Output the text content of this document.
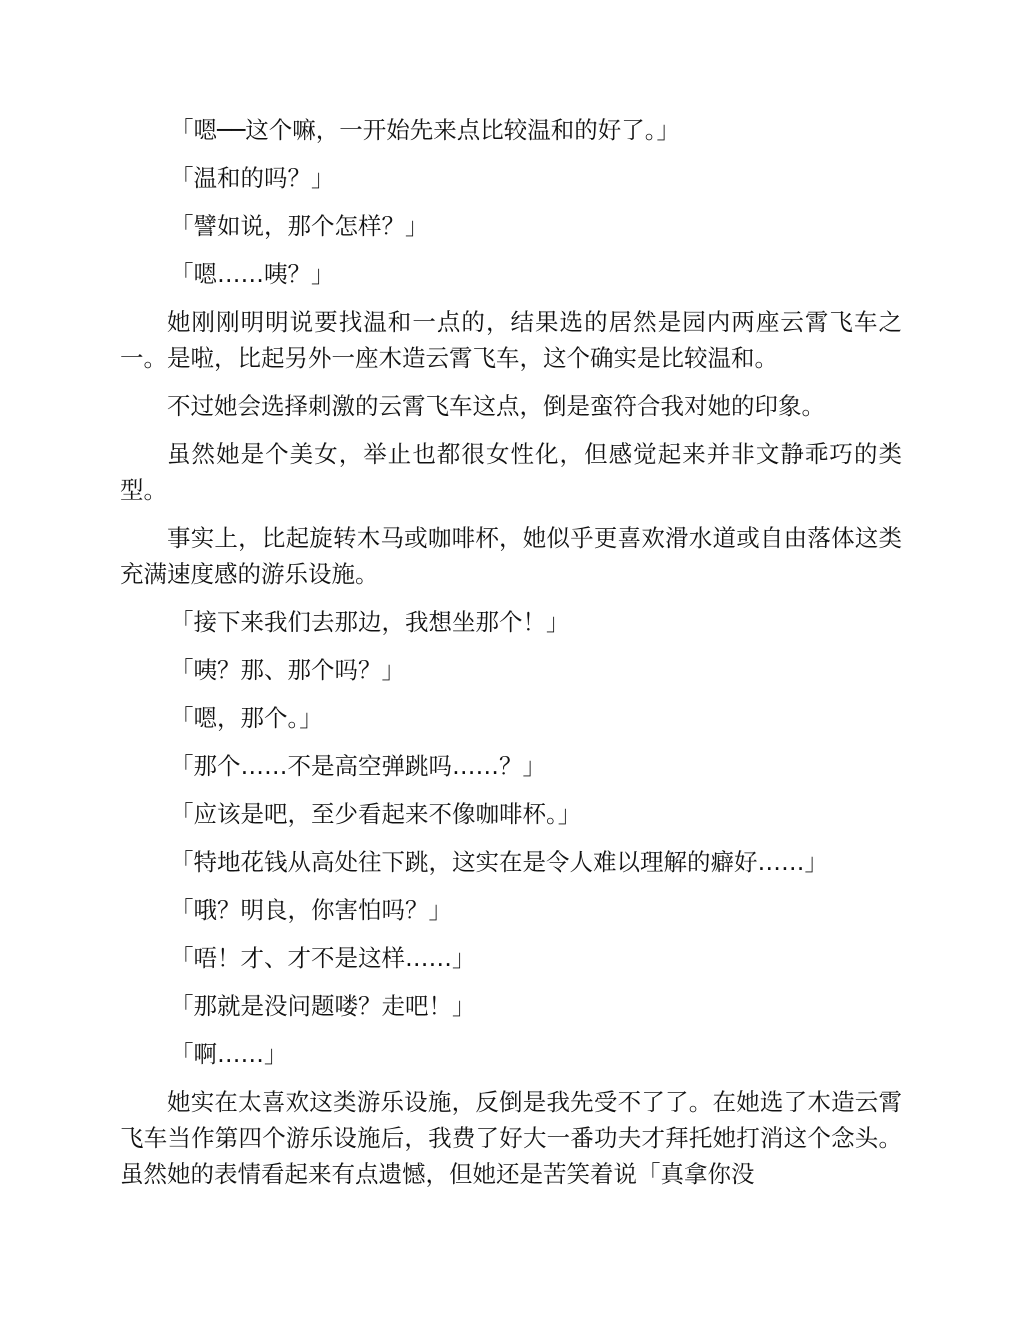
「嗯──这个嘛，一开始先来点比较温和的好了。」

「温和的吗？」

「譬如说，那个怎样？」

「嗯……咦？」

她刚刚明明说要找温和一点的，结果选的居然是园内两座云霄飞车之一。是啦，比起另外一座木造云霄飞车，这个确实是比较温和。

不过她会选择刺激的云霄飞车这点，倒是蛮符合我对她的印象。

虽然她是个美女，举止也都很女性化，但感觉起来并非文静乖巧的类型。

事实上，比起旋转木马或咖啡杯，她似乎更喜欢滑水道或自由落体这类充满速度感的游乐设施。

「接下来我们去那边，我想坐那个！」

「咦？那、那个吗？」

「嗯，那个。」

「那个……不是高空弹跳吗……？」

「应该是吧，至少看起来不像咖啡杯。」

「特地花钱从高处往下跳，这实在是令人难以理解的癖好……」

「哦？明良，你害怕吗？」

「唔！才、才不是这样……」

「那就是没问题喽？走吧！」

「啊……」

她实在太喜欢这类游乐设施，反倒是我先受不了了。在她选了木造云霄飞车当作第四个游乐设施后，我费了好大一番功夫才拜托她打消这个念头。虽然她的表情看起来有点遗憾，但她还是苦笑着说「真拿你没
